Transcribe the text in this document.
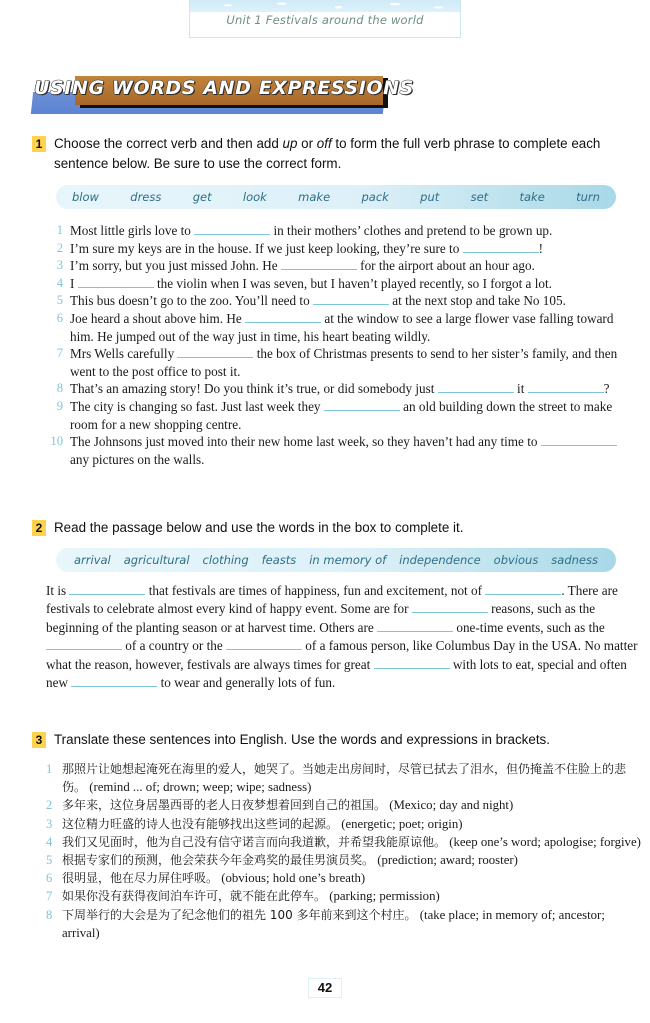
Unit 1 Festivals around the world
USING WORDS AND EXPRESSIONS
1 Choose the correct verb and then add up or off to form the full verb phrase to complete each sentence below. Be sure to use the correct form.
blow	dress	get	look	make	pack	put	set	take	turn
1 Most little girls love to	in their mothers’ clothes and pretend to be grown up.
2 I’m sure my keys are in the house. If we just keep looking, they’re sure to	!
3 I’m sorry, but you just missed John. He	for the airport about an hour ago.
4 I	the violin when I was seven, but I haven’t played recently, so I forgot a lot.
5 This bus doesn’t go to the zoo. You’ll need to	at the next stop and take No 105.
6 Joe heard a shout above him. He	at the window to see a large flower vase falling toward him. He jumped out of the way just in time, his heart beating wildly.
7 Mrs Wells carefully	the box of Christmas presents to send to her sister’s family, and then went to the post office to post it.
8 That’s an amazing story! Do you think it’s true, or did somebody just	it	?
9 The city is changing so fast. Just last week they	an old building down the street to make room for a new shopping centre.
10 The Johnsons just moved into their new home last week, so they haven’t had any time to  any pictures on the walls.
2 Read the passage below and use the words in the box to complete it.
arrival agricultural clothing feasts in memory of independence obvious sadness
It is	that festivals are times of happiness, fun and excitement, not of	. There are festivals to celebrate almost every kind of happy event. Some are for	reasons, such as the beginning of the planting season or at harvest time. Others are	one-time events, such as the  of a country or the	of a famous person, like Columbus Day in the USA. No matter what the reason, however, festivals are always times for great	with lots to eat, special and often new	to wear and generally lots of fun.
3 Translate these sentences into English. Use the words and expressions in brackets.
1 那照片让她想起淹死在海里的爱人，她哭了。当她走出房间时，尽管已拭去了泪水，但仍掩盖不住脸上的悲伤。 (remind ... of; drown; weep; wipe; sadness)
2 多年来，这位身居墨西哥的老人日夜梦想着回到自己的祖国。 (Mexico; day and night)
3 这位精力旺盛的诗人也没有能够找出这些词的起源。 (energetic; poet; origin)
4 我们又见面时，他为自己没有信守诺言而向我道歉，并希望我能原谅他。 (keep one’s word; apologise; forgive)
5 根据专家们的预测，他会荣获今年金鸡奖的最佳男演员奖。 (prediction; award; rooster)
6 很明显，他在尽力屏住呼吸。 (obvious; hold one’s breath)
7 如果你没有获得夜间泊车许可，就不能在此停车。 (parking; permission)
8 下周举行的大会是为了纪念他们的祖先 100 多年前来到这个村庄。 (take place; in memory of; ancestor; arrival)
42
